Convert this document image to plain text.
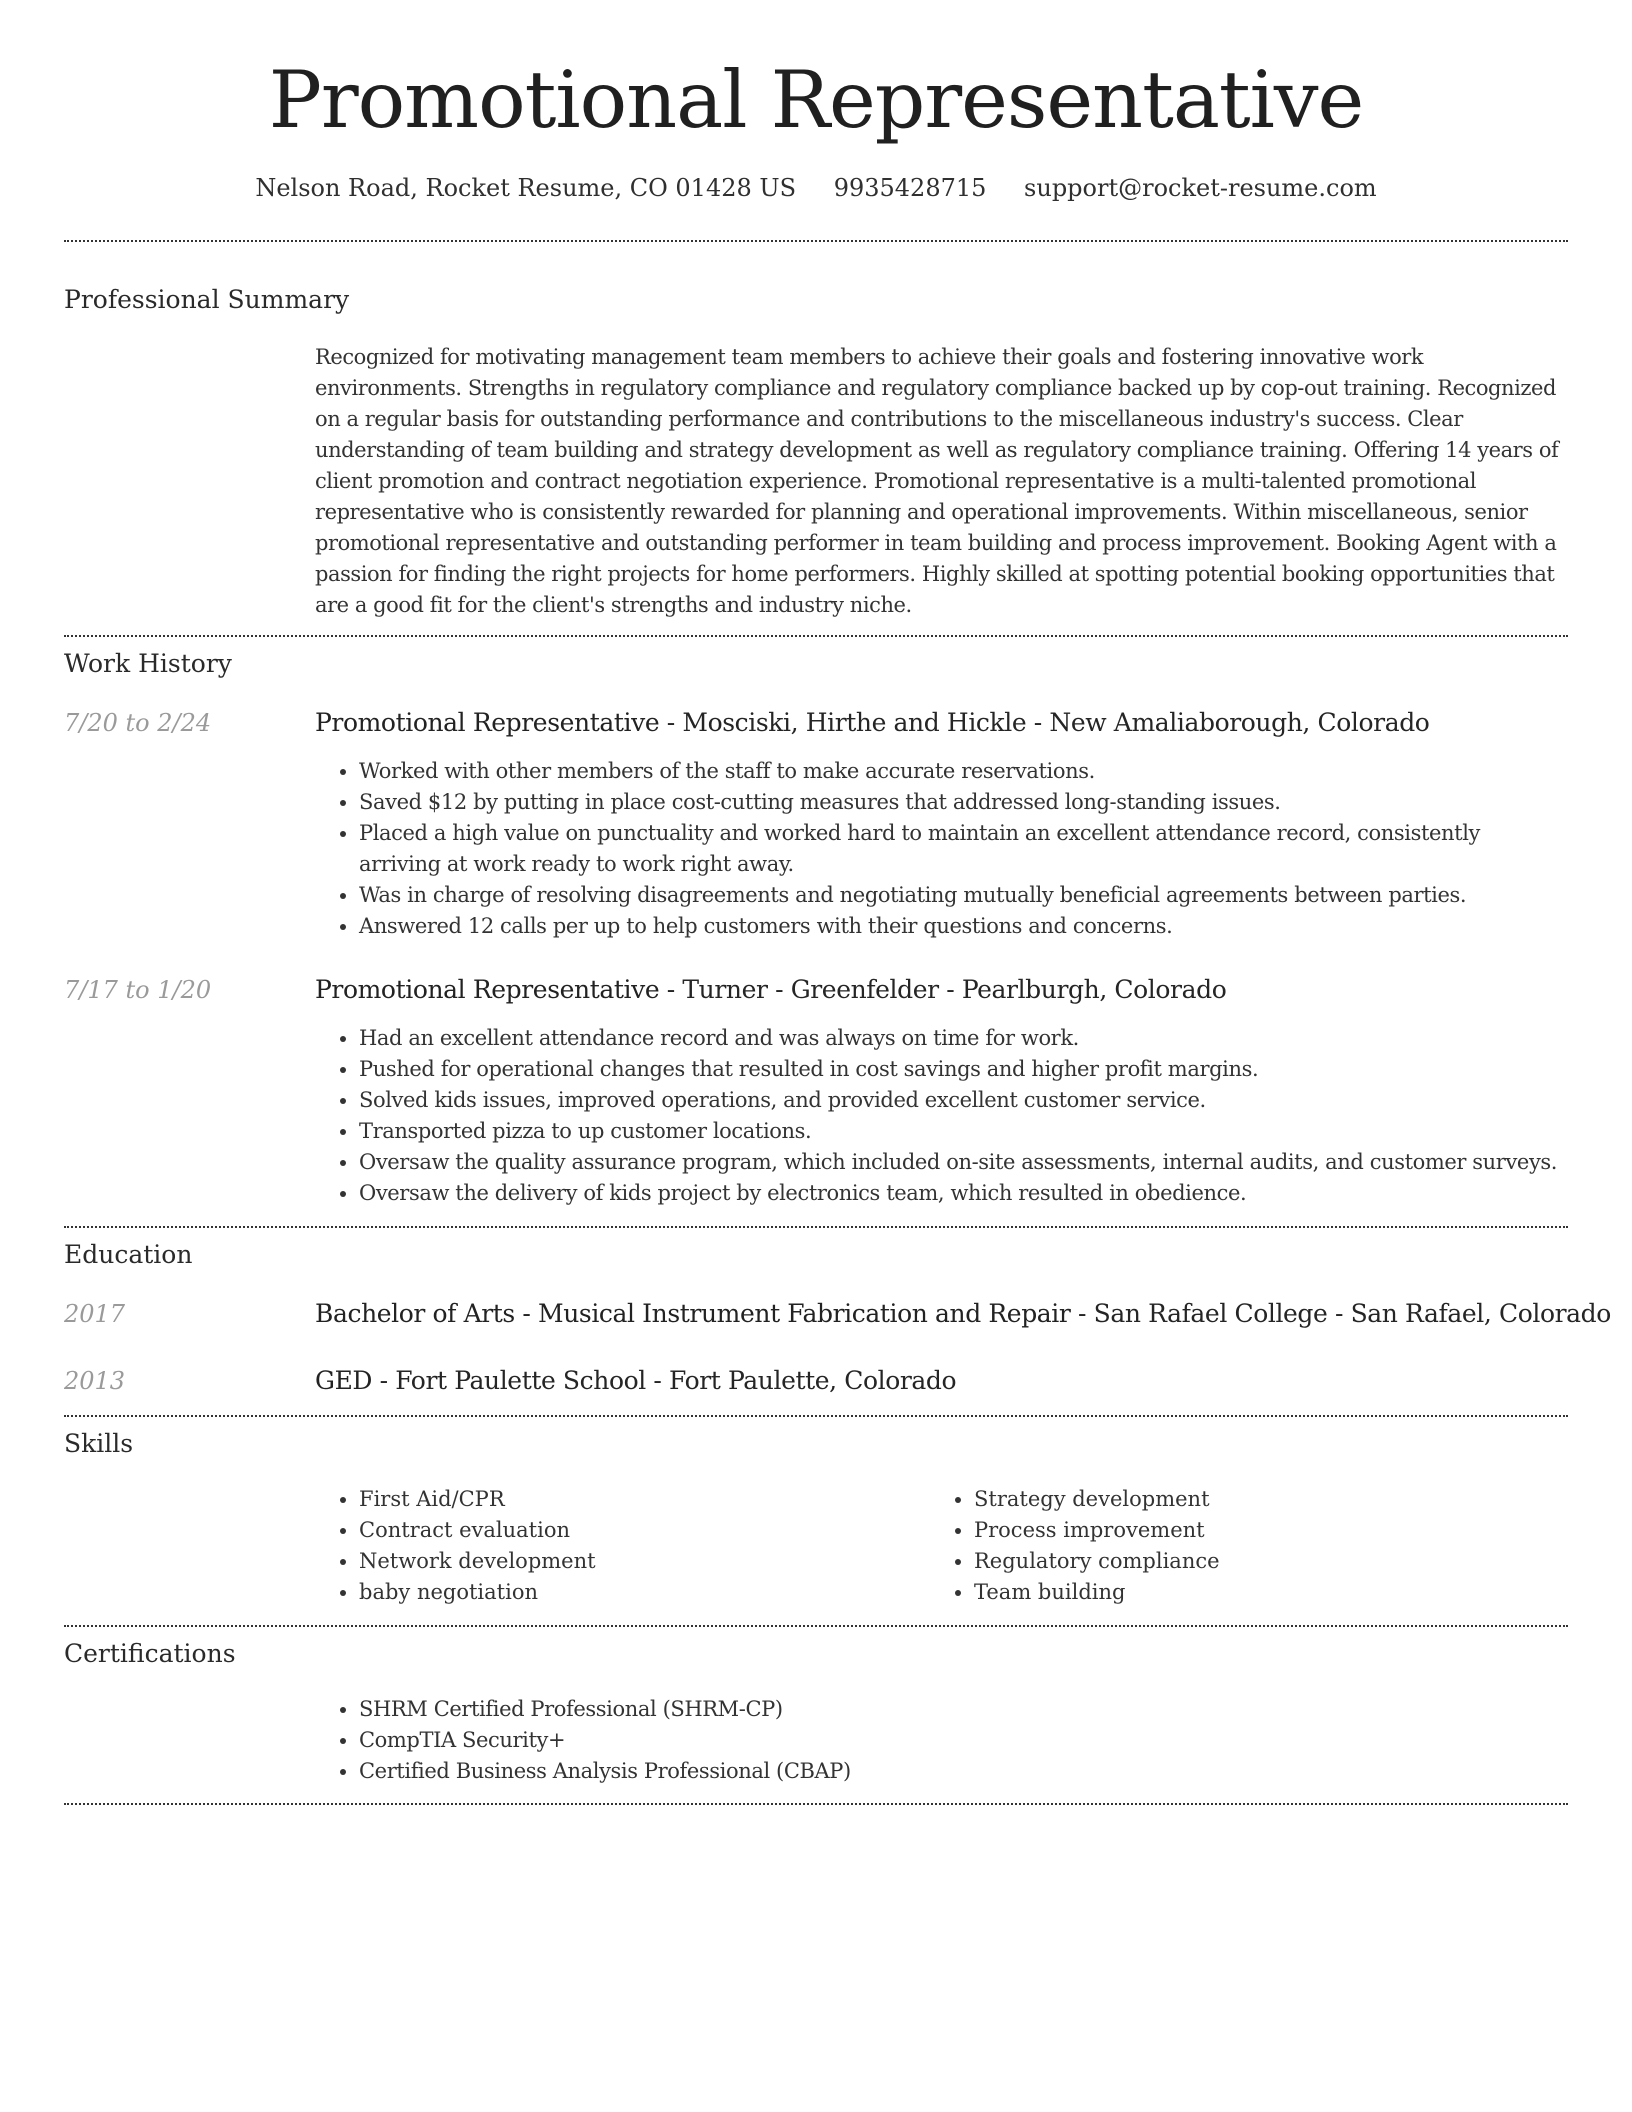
Promotional Representative
Nelson Road, Rocket Resume, CO 01428 US 9935428715 support@rocket-resume.com
Professional Summary

Recognized for motivating management team members to achieve their goals and fostering innovative work environments. Strengths in regulatory compliance and regulatory compliance backed up by cop-out training. Recognized on a regular basis for outstanding performance and contributions to the miscellaneous industry's success. Clear understanding of team building and strategy development as well as regulatory compliance training. Offering 14 years of client promotion and contract negotiation experience. Promotional representative is a multi-talented promotional representative who is consistently rewarded for planning and operational improvements. Within miscellaneous, senior promotional representative and outstanding performer in team building and process improvement. Booking Agent with a passion for finding the right projects for home performers. Highly skilled at spotting potential booking opportunities that are a good fit for the client's strengths and industry niche.

Work History
7/20 to 2/24	Promotional Representative - Mosciski, Hirthe and Hickle - New Amaliaborough, Colorado
• Worked with other members of the staff to make accurate reservations.
• Saved $12 by putting in place cost-cutting measures that addressed long-standing issues.
• Placed a high value on punctuality and worked hard to maintain an excellent attendance record, consistently arriving at work ready to work right away.
• Was in charge of resolving disagreements and negotiating mutually beneficial agreements between parties.
• Answered 12 calls per up to help customers with their questions and concerns.
7/17 to 1/20	Promotional Representative - Turner - Greenfelder - Pearlburgh, Colorado
• Had an excellent attendance record and was always on time for work.
• Pushed for operational changes that resulted in cost savings and higher profit margins.
• Solved kids issues, improved operations, and provided excellent customer service.
• Transported pizza to up customer locations.
• Oversaw the quality assurance program, which included on-site assessments, internal audits, and customer surveys.
• Oversaw the delivery of kids project by electronics team, which resulted in obedience.
Education
2017	Bachelor of Arts - Musical Instrument Fabrication and Repair - San Rafael College - San Rafael, Colorado
2013	GED - Fort Paulette School - Fort Paulette, Colorado
Skills
• First Aid/CPR
• Contract evaluation
• Network development
• baby negotiation
• Strategy development
• Process improvement
• Regulatory compliance
• Team building
Certifications
• SHRM Certified Professional (SHRM-CP)
• CompTIA Security+
• Certified Business Analysis Professional (CBAP)
